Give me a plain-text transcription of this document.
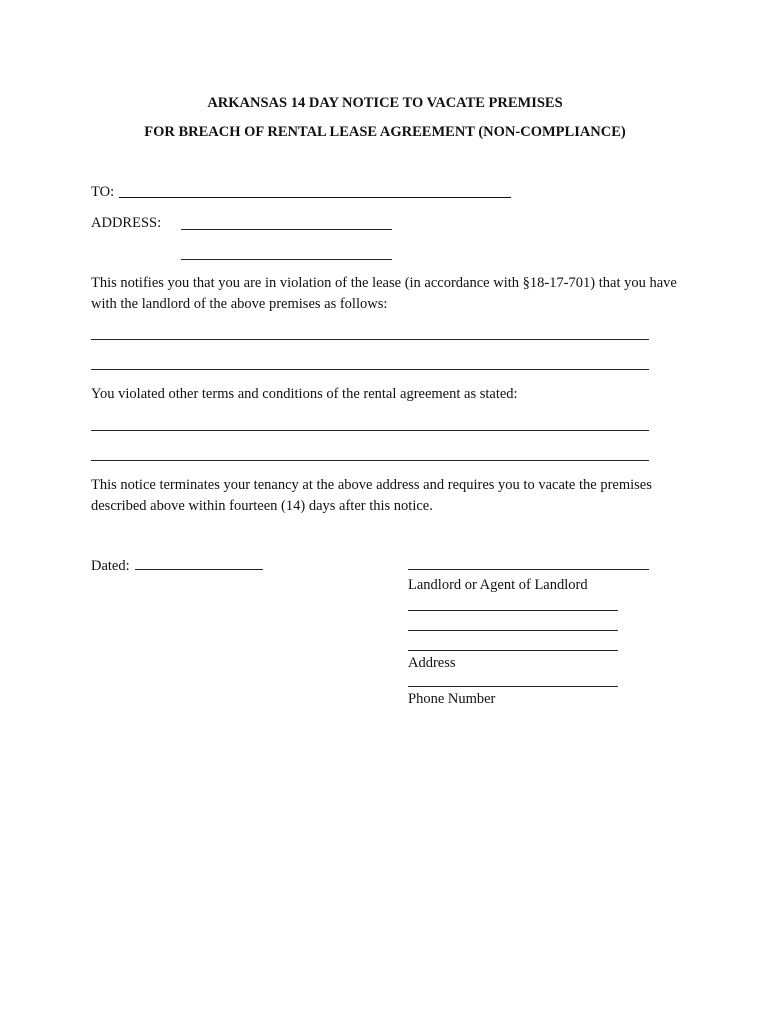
ARKANSAS 14 DAY NOTICE TO VACATE PREMISES
FOR BREACH OF RENTAL LEASE AGREEMENT (NON-COMPLIANCE)
TO:
ADDRESS:
This notifies you that you are in violation of the lease (in accordance with §18-17-701) that you have with the landlord of the above premises as follows:
You violated other terms and conditions of the rental agreement as stated:
This notice terminates your tenancy at the above address and requires you to vacate the premises described above within fourteen (14) days after this notice.
Dated:
Landlord or Agent of Landlord
Address
Phone Number
